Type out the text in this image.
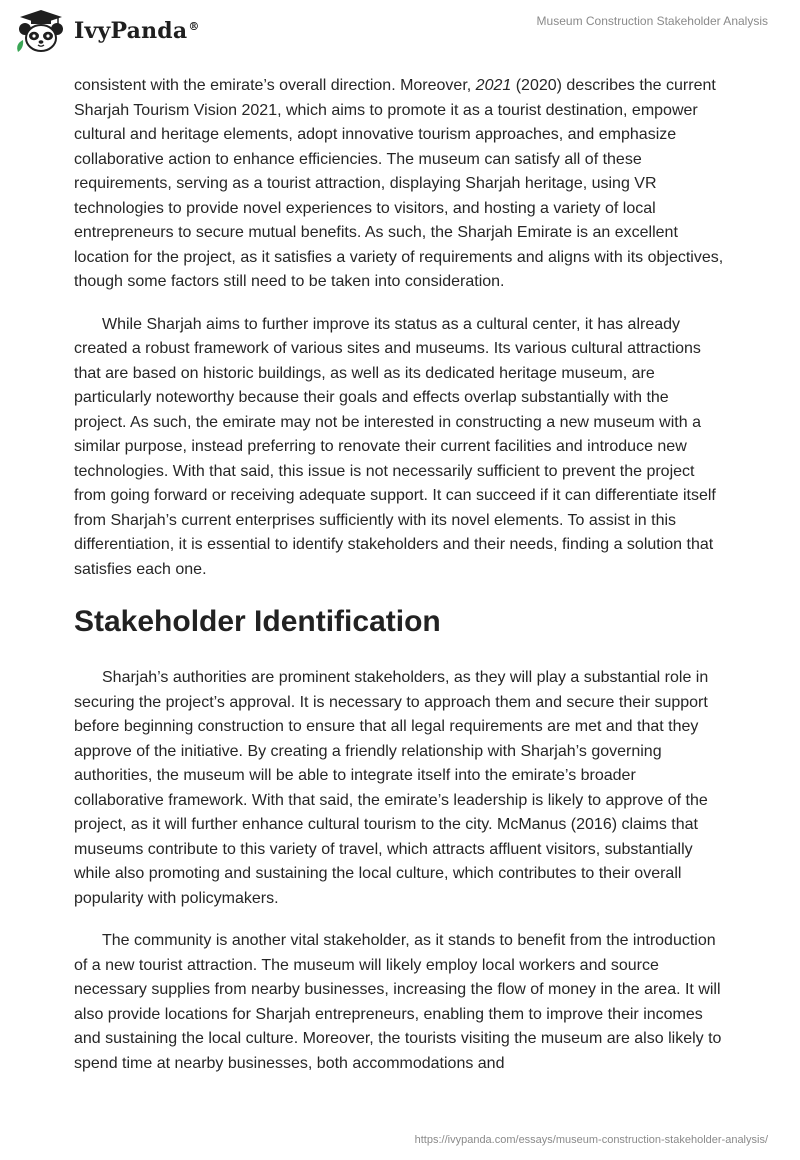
IvyPanda®	Museum Construction Stakeholder Analysis

consistent with the emirate’s overall direction. Moreover, 2021 (2020) describes the current Sharjah Tourism Vision 2021, which aims to promote it as a tourist destination, empower cultural and heritage elements, adopt innovative tourism approaches, and emphasize collaborative action to enhance efficiencies. The museum can satisfy all of these requirements, serving as a tourist attraction, displaying Sharjah heritage, using VR technologies to provide novel experiences to visitors, and hosting a variety of local entrepreneurs to secure mutual benefits. As such, the Sharjah Emirate is an excellent location for the project, as it satisfies a variety of requirements and aligns with its objectives, though some factors still need to be taken into consideration.

While Sharjah aims to further improve its status as a cultural center, it has already created a robust framework of various sites and museums. Its various cultural attractions that are based on historic buildings, as well as its dedicated heritage museum, are particularly noteworthy because their goals and effects overlap substantially with the project. As such, the emirate may not be interested in constructing a new museum with a similar purpose, instead preferring to renovate their current facilities and introduce new technologies. With that said, this issue is not necessarily sufficient to prevent the project from going forward or receiving adequate support. It can succeed if it can differentiate itself from Sharjah’s current enterprises sufficiently with its novel elements. To assist in this differentiation, it is essential to identify stakeholders and their needs, finding a solution that satisfies each one.

Stakeholder Identification

Sharjah’s authorities are prominent stakeholders, as they will play a substantial role in securing the project’s approval. It is necessary to approach them and secure their support before beginning construction to ensure that all legal requirements are met and that they approve of the initiative. By creating a friendly relationship with Sharjah’s governing authorities, the museum will be able to integrate itself into the emirate’s broader collaborative framework. With that said, the emirate’s leadership is likely to approve of the project, as it will further enhance cultural tourism to the city. McManus (2016) claims that museums contribute to this variety of travel, which attracts affluent visitors, substantially while also promoting and sustaining the local culture, which contributes to their overall popularity with policymakers.

The community is another vital stakeholder, as it stands to benefit from the introduction of a new tourist attraction. The museum will likely employ local workers and source necessary supplies from nearby businesses, increasing the flow of money in the area. It will also provide locations for Sharjah entrepreneurs, enabling them to improve their incomes and sustaining the local culture. Moreover, the tourists visiting the museum are also likely to spend time at nearby businesses, both accommodations and

https://ivypanda.com/essays/museum-construction-stakeholder-analysis/
